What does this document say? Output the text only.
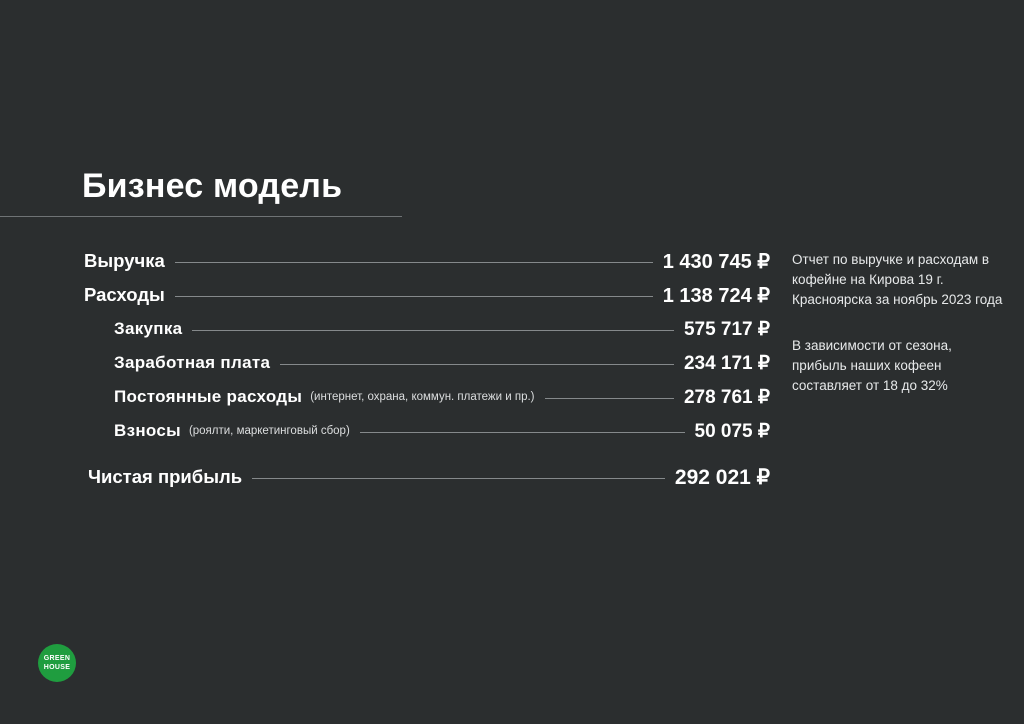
Бизнес модель
Выручка	1 430 745 ₽
Расходы	1 138 724 ₽
Закупка	575 717 ₽
Заработная плата	234 171 ₽
Постоянные расходы (интернет, охрана, коммун. платежи и пр.)	278 761 ₽
Взносы (роялти, маркетинговый сбор)	50 075 ₽
Чистая прибыль	292 021 ₽

Отчет по выручке и расходам в кофейне на Кирова 19 г. Красноярска за ноябрь 2023 года

В зависимости от сезона, прибыль наших кофеен составляет от 18 до 32%

GREEN
HOUSE
